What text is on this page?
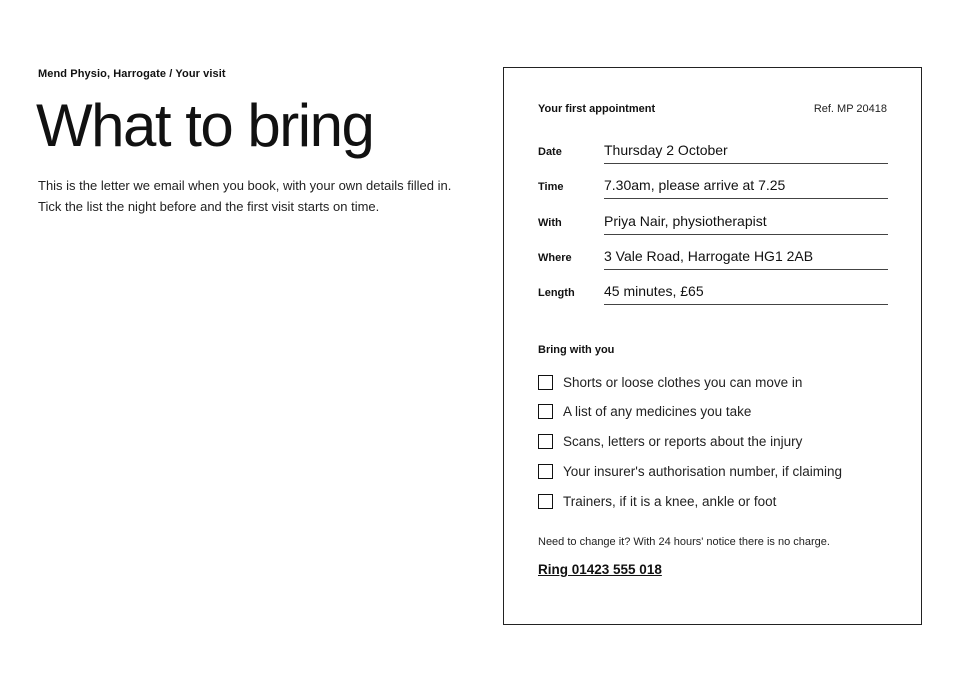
Mend Physio, Harrogate / Your visit
What to bring

This is the letter we email when you book, with your own details filled in. Tick the list the night before and the first visit starts on time.

Your first appointment	Ref. MP 20418
Date	Thursday 2 October
Time	7.30am, please arrive at 7.25
With	Priya Nair, physiotherapist
Where 3 Vale Road, Harrogate HG1 2AB
Length 45 minutes, £65
Bring with you
Shorts or loose clothes you can move in
A list of any medicines you take
Scans, letters or reports about the injury
Your insurer's authorisation number, if claiming
Trainers, if it is a knee, ankle or foot
Need to change it? With 24 hours' notice there is no charge.
Ring 01423 555 018
